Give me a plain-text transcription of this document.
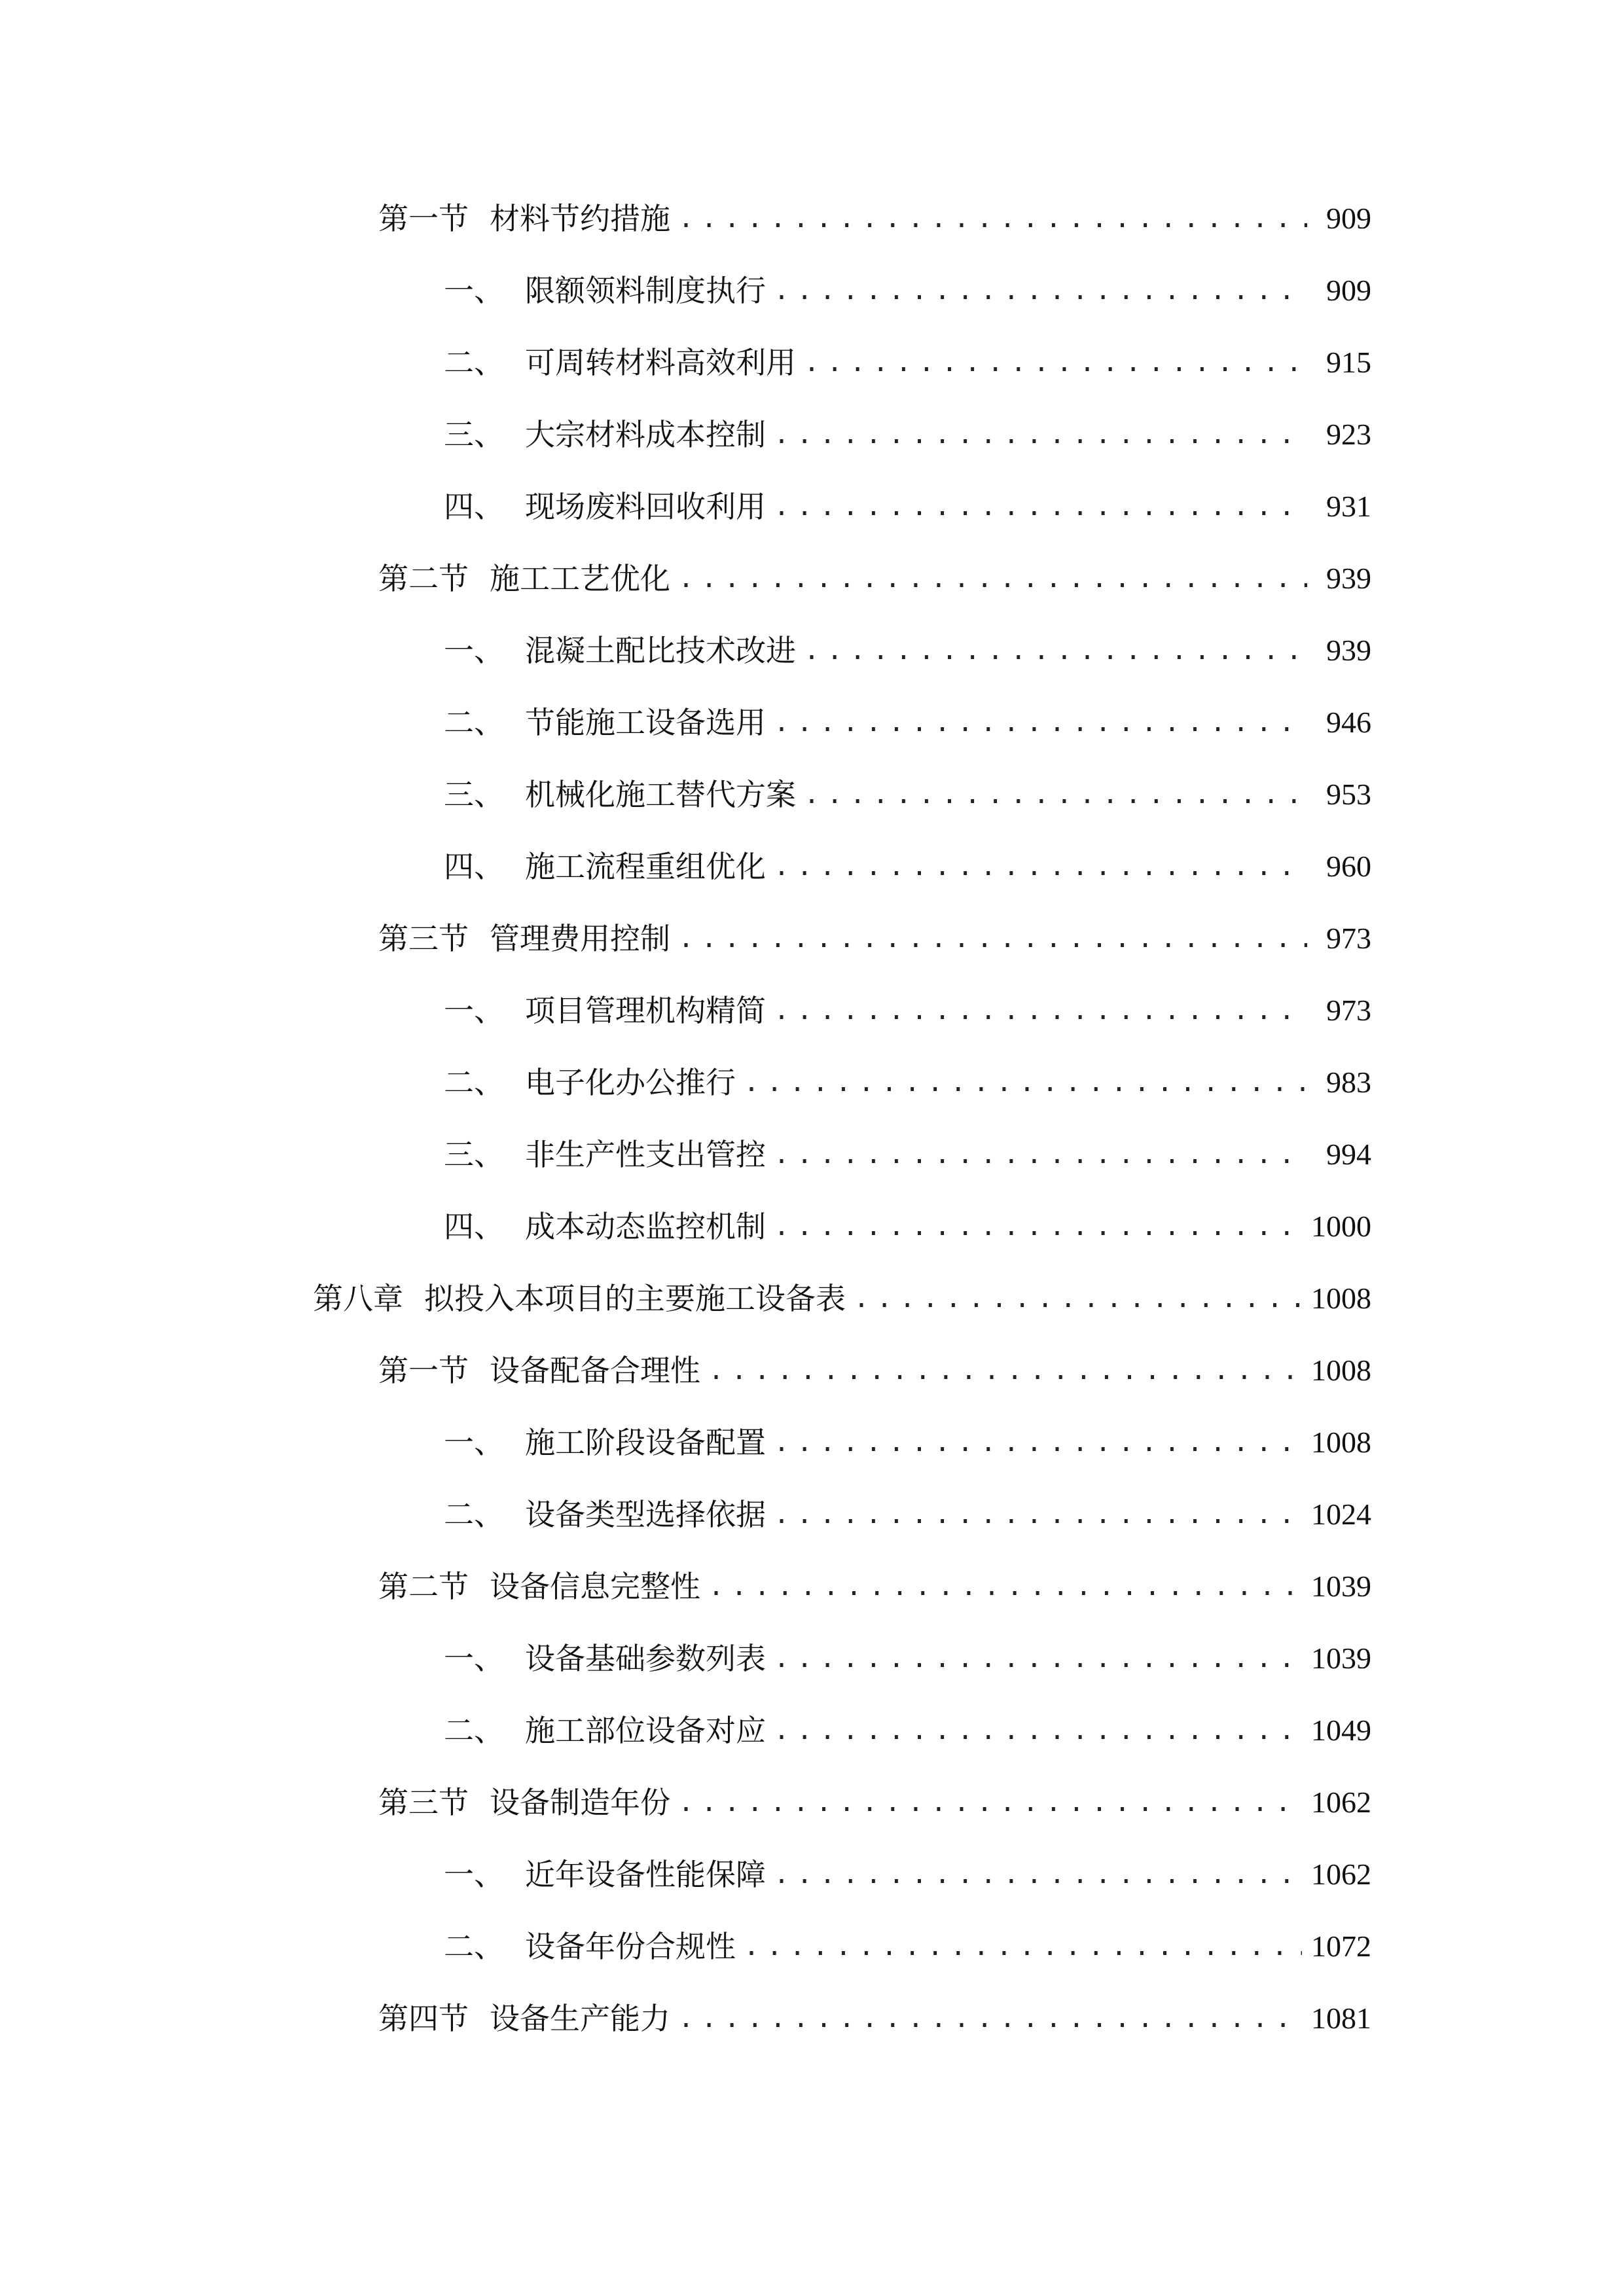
第一节 材料节约措施 .....	909
一、 限额领料制度执行 .....	909
二、 可周转材料高效利用 .....	915
三、 大宗材料成本控制 .....	923
四、 现场废料回收利用 .....	931
第二节 施工工艺优化 .....	939
一、 混凝土配比技术改进 .....	939
二、 节能施工设备选用 .....	946
三、 机械化施工替代方案 .....	953
四、 施工流程重组优化 .....	960
第三节 管理费用控制 .....	973
一、 项目管理机构精简 .....	973
二、 电子化办公推行 .....	983
三、 非生产性支出管控 .....	994
四、 成本动态监控机制 .....	1000
第八章 拟投入本项目的主要施工设备表 .....	1008
第一节 设备配备合理性 .....	1008
一、 施工阶段设备配置 .....	1008
二、 设备类型选择依据 .....	1024
第二节 设备信息完整性 .....	1039
一、 设备基础参数列表 .....	1039
二、 施工部位设备对应 .....	1049
第三节 设备制造年份 .....	1062
一、 近年设备性能保障 .....	1062
二、 设备年份合规性 .....	1072
第四节 设备生产能力 .....	1081
